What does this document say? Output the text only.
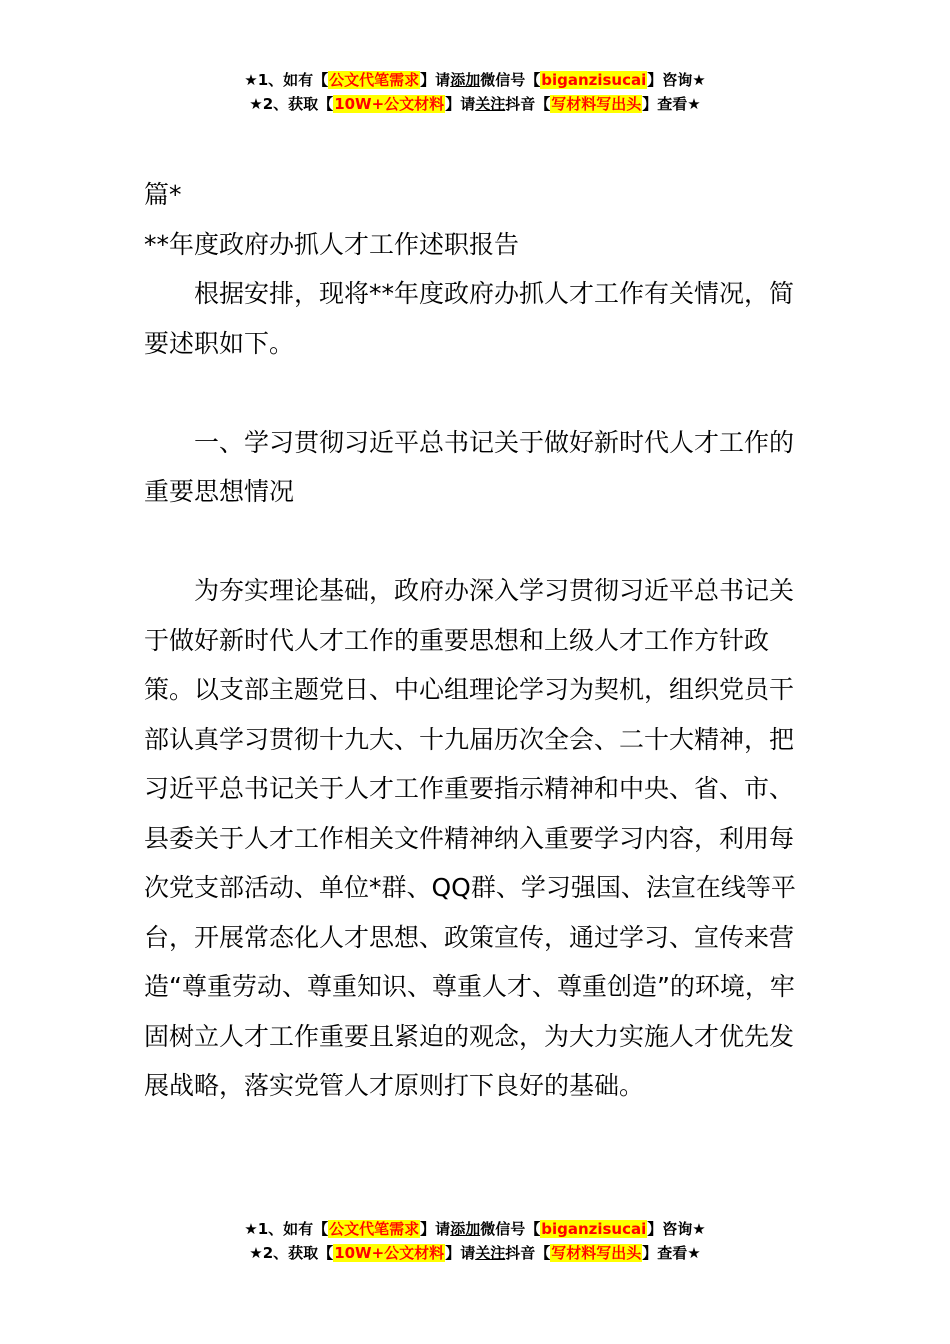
★1、如有【公文代笔需求】请添加微信号【biganzisucai】咨询★
★2、获取【10W+公文材料】请关注抖音【写材料写出头】查看★

篇*

**年度政府办抓人才工作述职报告

根据安排，现将**年度政府办抓人才工作有关情况，简要述职如下。

一、学习贯彻习近平总书记关于做好新时代人才工作的重要思想情况

为夯实理论基础，政府办深入学习贯彻习近平总书记关于做好新时代人才工作的重要思想和上级人才工作方针政策。以支部主题党日、中心组理论学习为契机，组织党员干部认真学习贯彻十九大、十九届历次全会、二十大精神，把习近平总书记关于人才工作重要指示精神和中央、省、市、县委关于人才工作相关文件精神纳入重要学习内容，利用每次党支部活动、单位*群、QQ群、学习强国、法宣在线等平台，开展常态化人才思想、政策宣传，通过学习、宣传来营造“尊重劳动、尊重知识、尊重人才、尊重创造”的环境，牢固树立人才工作重要且紧迫的观念，为大力实施人才优先发展战略，落实党管人才原则打下良好的基础。

★1、如有【公文代笔需求】请添加微信号【biganzisucai】咨询★
★2、获取【10W+公文材料】请关注抖音【写材料写出头】查看★
